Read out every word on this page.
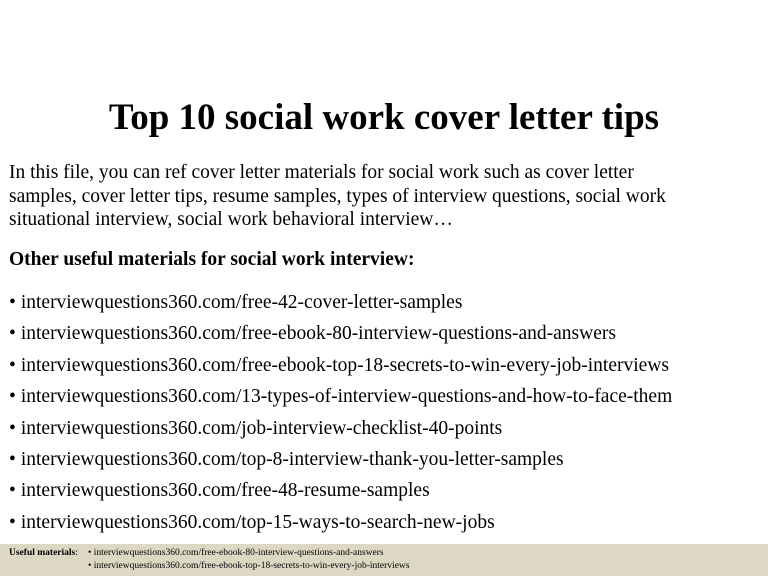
Top 10 social work cover letter tips
In this file, you can ref cover letter materials for social work such as cover letter
samples, cover letter tips, resume samples, types of interview questions, social work
situational interview, social work behavioral interview…
Other useful materials for social work interview:
• interviewquestions360.com/free-42-cover-letter-samples
• interviewquestions360.com/free-ebook-80-interview-questions-and-answers
• interviewquestions360.com/free-ebook-top-18-secrets-to-win-every-job-interviews
• interviewquestions360.com/13-types-of-interview-questions-and-how-to-face-them
• interviewquestions360.com/job-interview-checklist-40-points
• interviewquestions360.com/top-8-interview-thank-you-letter-samples
• interviewquestions360.com/free-48-resume-samples
• interviewquestions360.com/top-15-ways-to-search-new-jobs
Useful materials: • interviewquestions360.com/free-ebook-80-interview-questions-and-answers
• interviewquestions360.com/free-ebook-top-18-secrets-to-win-every-job-interviews
